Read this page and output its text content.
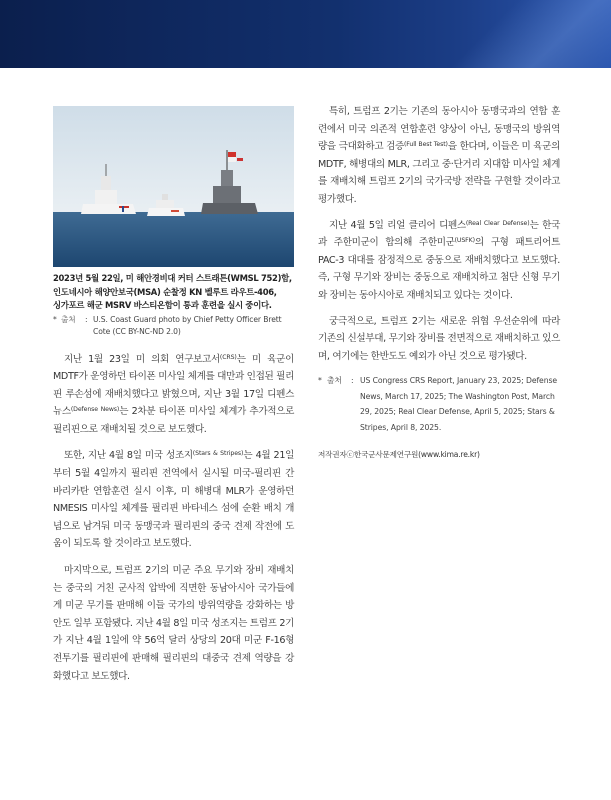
2023년 5월 22일, 미 해안경비대 커터 스트래튼(WMSL 752)함,
인도네시아 해양안보국(MSA) 순찰정 KN 벨루트 라우트-406,
싱가포르 해군 MSRV 바스티온함이 통과 훈련을 실시 중이다.
* 출처	: U.S. Coast Guard photo by Chief Petty Officer Brett Cote (CC BY-NC-ND 2.0)

지난 1월 23일 미 의회 연구보고서$^{(CRS)}$는 미 육군이 MDTF가 운영하던 타이폰 미사일 체계를 대만과 인접된 필리핀 루손섬에 재배치했다고 밝혔으며, 지난 3월 17일 디펜스 뉴스$^{(Defense News)}$는 2차분 타이폰 미사일 체계가 추가적으로 필리핀으로 재배치될 것으로 보도했다.

또한, 지난 4월 8일 미국 성조지$^{(Stars \& Stripes)}$는 4월 21일부터 5월 4일까지 필리핀 전역에서 실시될 미국-필리핀 간 바리카탄 연합훈련 실시 이후, 미 해병대 MLR가 운영하던 NMESIS 미사일 체계를 필리핀 바타네스 섬에 순환 배치 개념으로 남겨둬 미국 동맹국과 필리핀의 중국 견제 작전에 도움이 되도록 할 것이라고 보도했다.

마지막으로, 트럼프 2기의 미군 주요 무기와 장비 재배치는 중국의 거친 군사적 압박에 직면한 동남아시아 국가들에게 미군 무기를 판매해 이들 국가의 방위역량을 강화하는 방안도 일부 포함됐다. 지난 4월 8일 미국 성조지는 트럼프 2기가 지난 4월 1일에 약 56억 달러 상당의 20대 미군 F-16형 전투기를 필리핀에 판매해 필리핀의 대중국 견제 역량을 강화했다고 보도했다.

특히, 트럼프 2기는 기존의 동아시아 동맹국과의 연합 훈련에서 미국 의존적 연합훈련 양상이 아닌, 동맹국의 방위역량을 극대화하고 검증$^{(Full Best Test)}$을 한다며, 이들은 미 육군의 MDTF, 해병대의 MLR, 그리고 중·단거리 지대함 미사일 체계를 재배치해 트럼프 2기의 국가국방 전략을 구현할 것이라고 평가했다.

지난 4월 5일 리얼 클리어 디펜스$^{(Real Clear Defense)}$는 한국과 주한미군이 합의해 주한미군$^{(USFK)}$의 구형 패트리어트 PAC-3 대대를 잠정적으로 중동으로 재배치했다고 보도했다. 즉, 구형 무기와 장비는 중동으로 재배치하고 첨단 신형 무기와 장비는 동아시아로 재배치되고 있다는 것이다.

궁극적으로, 트럼프 2기는 새로운 위협 우선순위에 따라 기존의 신설부대, 무기와 장비를 전면적으로 재배치하고 있으며, 여기에는 한반도도 예외가 아닌 것으로 평가됐다.

* 출처	: US Congress CRS Report, January 23, 2025; Defense News, March 17, 2025; The Washington Post, March 29, 2025; Real Clear Defense, April 5, 2025; Stars & Stripes, April 8, 2025.
저작권자ⓒ한국군사문제연구원(www.kima.re.kr)
